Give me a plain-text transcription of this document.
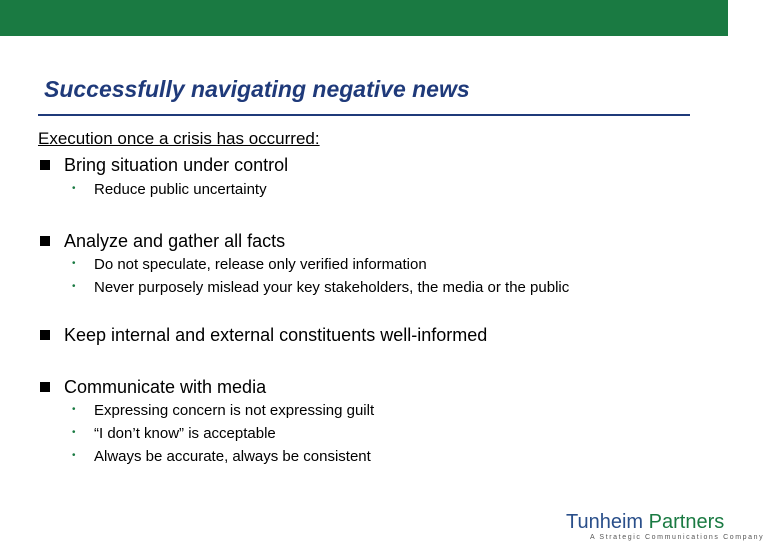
Successfully navigating negative news
Execution once a crisis has occurred:
Bring situation under control
• Reduce public uncertainty
Analyze and gather all facts
• Do not speculate, release only verified information
• Never purposely mislead your key stakeholders, the media or the public
Keep internal and external constituents well-informed
Communicate with media
• Expressing concern is not expressing guilt
• “I don’t know” is acceptable
• Always be accurate, always be consistent
Tunheim Partners
A Strategic Communications Company
